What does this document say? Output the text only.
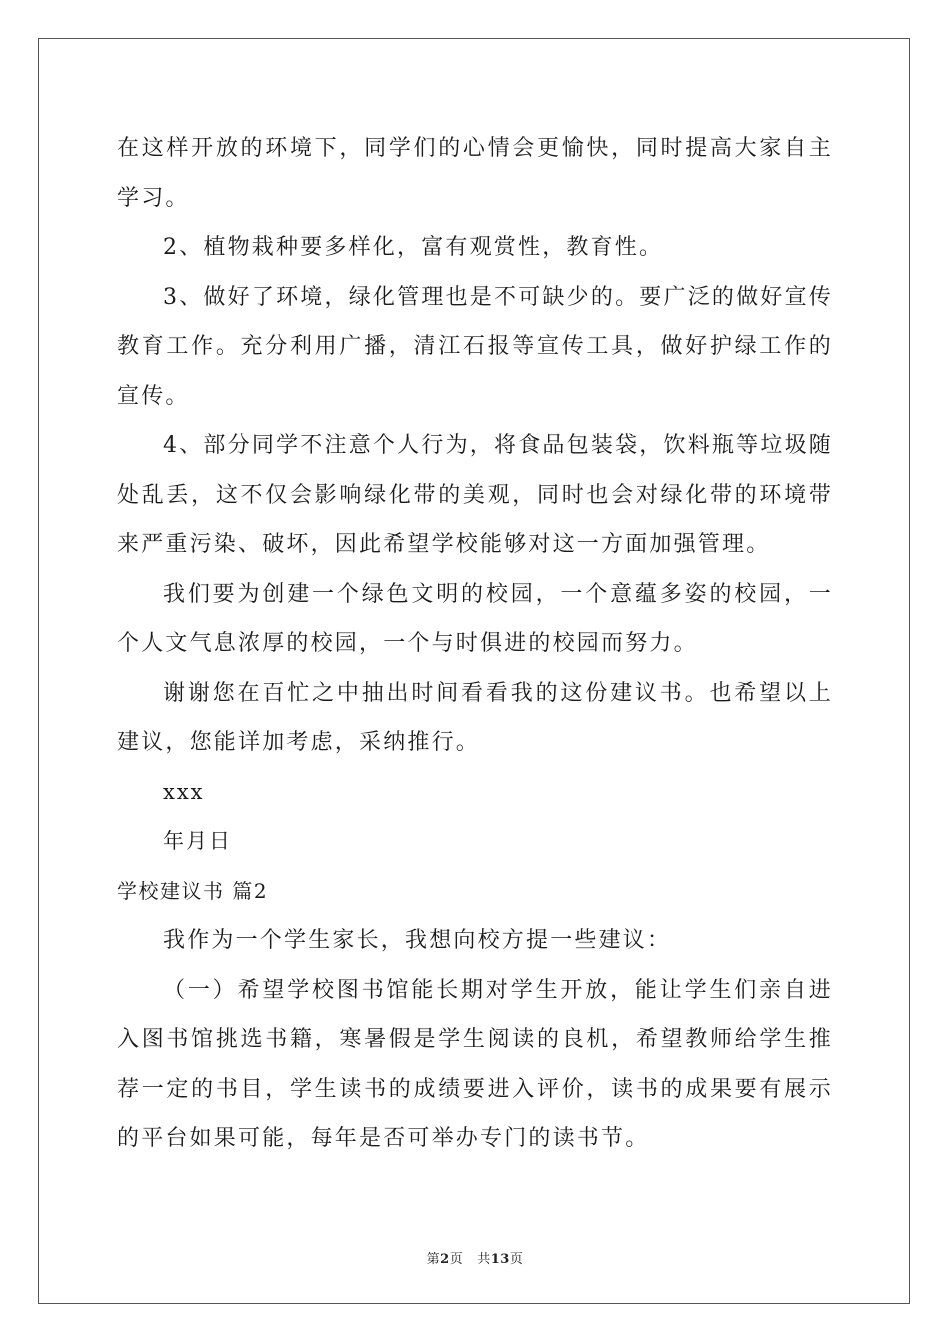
在这样开放的环境下，同学们的心情会更愉快，同时提高大家自主学习。

2、植物栽种要多样化，富有观赏性，教育性。

3、做好了环境，绿化管理也是不可缺少的。要广泛的做好宣传教育工作。充分利用广播，清江石报等宣传工具，做好护绿工作的宣传。

4、部分同学不注意个人行为，将食品包装袋，饮料瓶等垃圾随处乱丢，这不仅会影响绿化带的美观，同时也会对绿化带的环境带来严重污染、破坏，因此希望学校能够对这一方面加强管理。

我们要为创建一个绿色文明的校园，一个意蕴多姿的校园，一个人文气息浓厚的校园，一个与时俱进的校园而努力。

谢谢您在百忙之中抽出时间看看我的这份建议书。也希望以上建议，您能详加考虑，采纳推行。

xxx

年月日

学校建议书 篇2

我作为一个学生家长，我想向校方提一些建议：

（一）希望学校图书馆能长期对学生开放，能让学生们亲自进入图书馆挑选书籍，寒暑假是学生阅读的良机，希望教师给学生推荐一定的书目，学生读书的成绩要进入评价，读书的成果要有展示的平台如果可能，每年是否可举办专门的读书节。

第2页 共13页
